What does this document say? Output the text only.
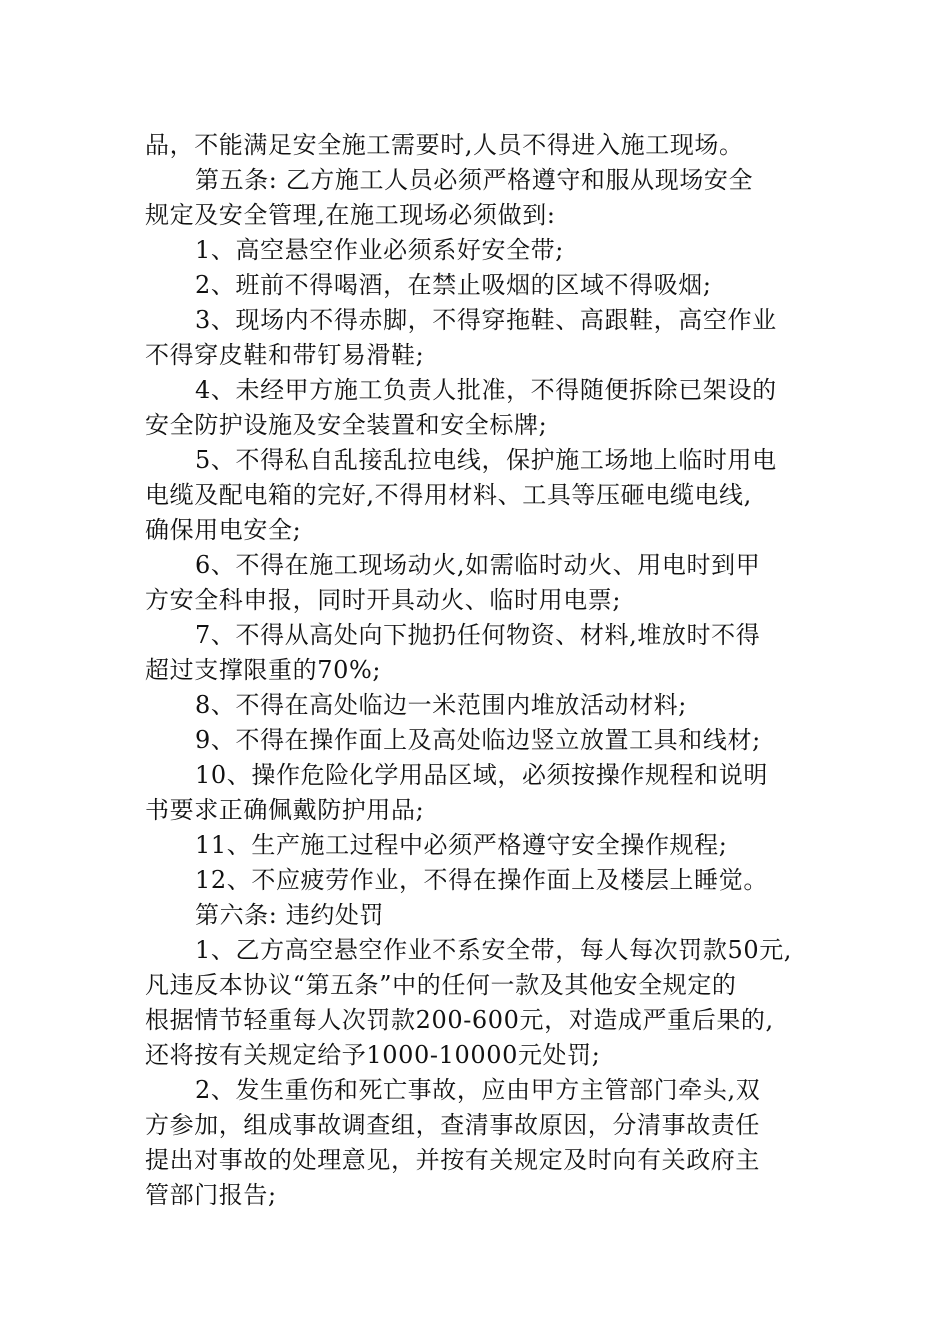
品，不能满足安全施工需要时,人员不得进入施工现场。
第五条: 乙方施工人员必须严格遵守和服从现场安全
规定及安全管理,在施工现场必须做到:
1、高空悬空作业必须系好安全带;
2、班前不得喝酒，在禁止吸烟的区域不得吸烟;
3、现场内不得赤脚，不得穿拖鞋、高跟鞋，高空作业
不得穿皮鞋和带钉易滑鞋;
4、未经甲方施工负责人批准，不得随便拆除已架设的
安全防护设施及安全装置和安全标牌;
5、不得私自乱接乱拉电线，保护施工场地上临时用电
电缆及配电箱的完好,不得用材料、工具等压砸电缆电线,
确保用电安全;
6、不得在施工现场动火,如需临时动火、用电时到甲
方安全科申报，同时开具动火、临时用电票;
7、不得从高处向下抛扔任何物资、材料,堆放时不得
超过支撑限重的70%;
8、不得在高处临边一米范围内堆放活动材料;
9、不得在操作面上及高处临边竖立放置工具和线材;
10、操作危险化学用品区域，必须按操作规程和说明
书要求正确佩戴防护用品;
11、生产施工过程中必须严格遵守安全操作规程;
12、不应疲劳作业，不得在操作面上及楼层上睡觉。
第六条: 违约处罚
1、乙方高空悬空作业不系安全带，每人每次罚款50元,
凡违反本协议“第五条”中的任何一款及其他安全规定的
根据情节轻重每人次罚款200-600元，对造成严重后果的,
还将按有关规定给予1000-10000元处罚;
2、发生重伤和死亡事故，应由甲方主管部门牵头,双
方参加，组成事故调查组，查清事故原因，分清事故责任
提出对事故的处理意见，并按有关规定及时向有关政府主
管部门报告;
